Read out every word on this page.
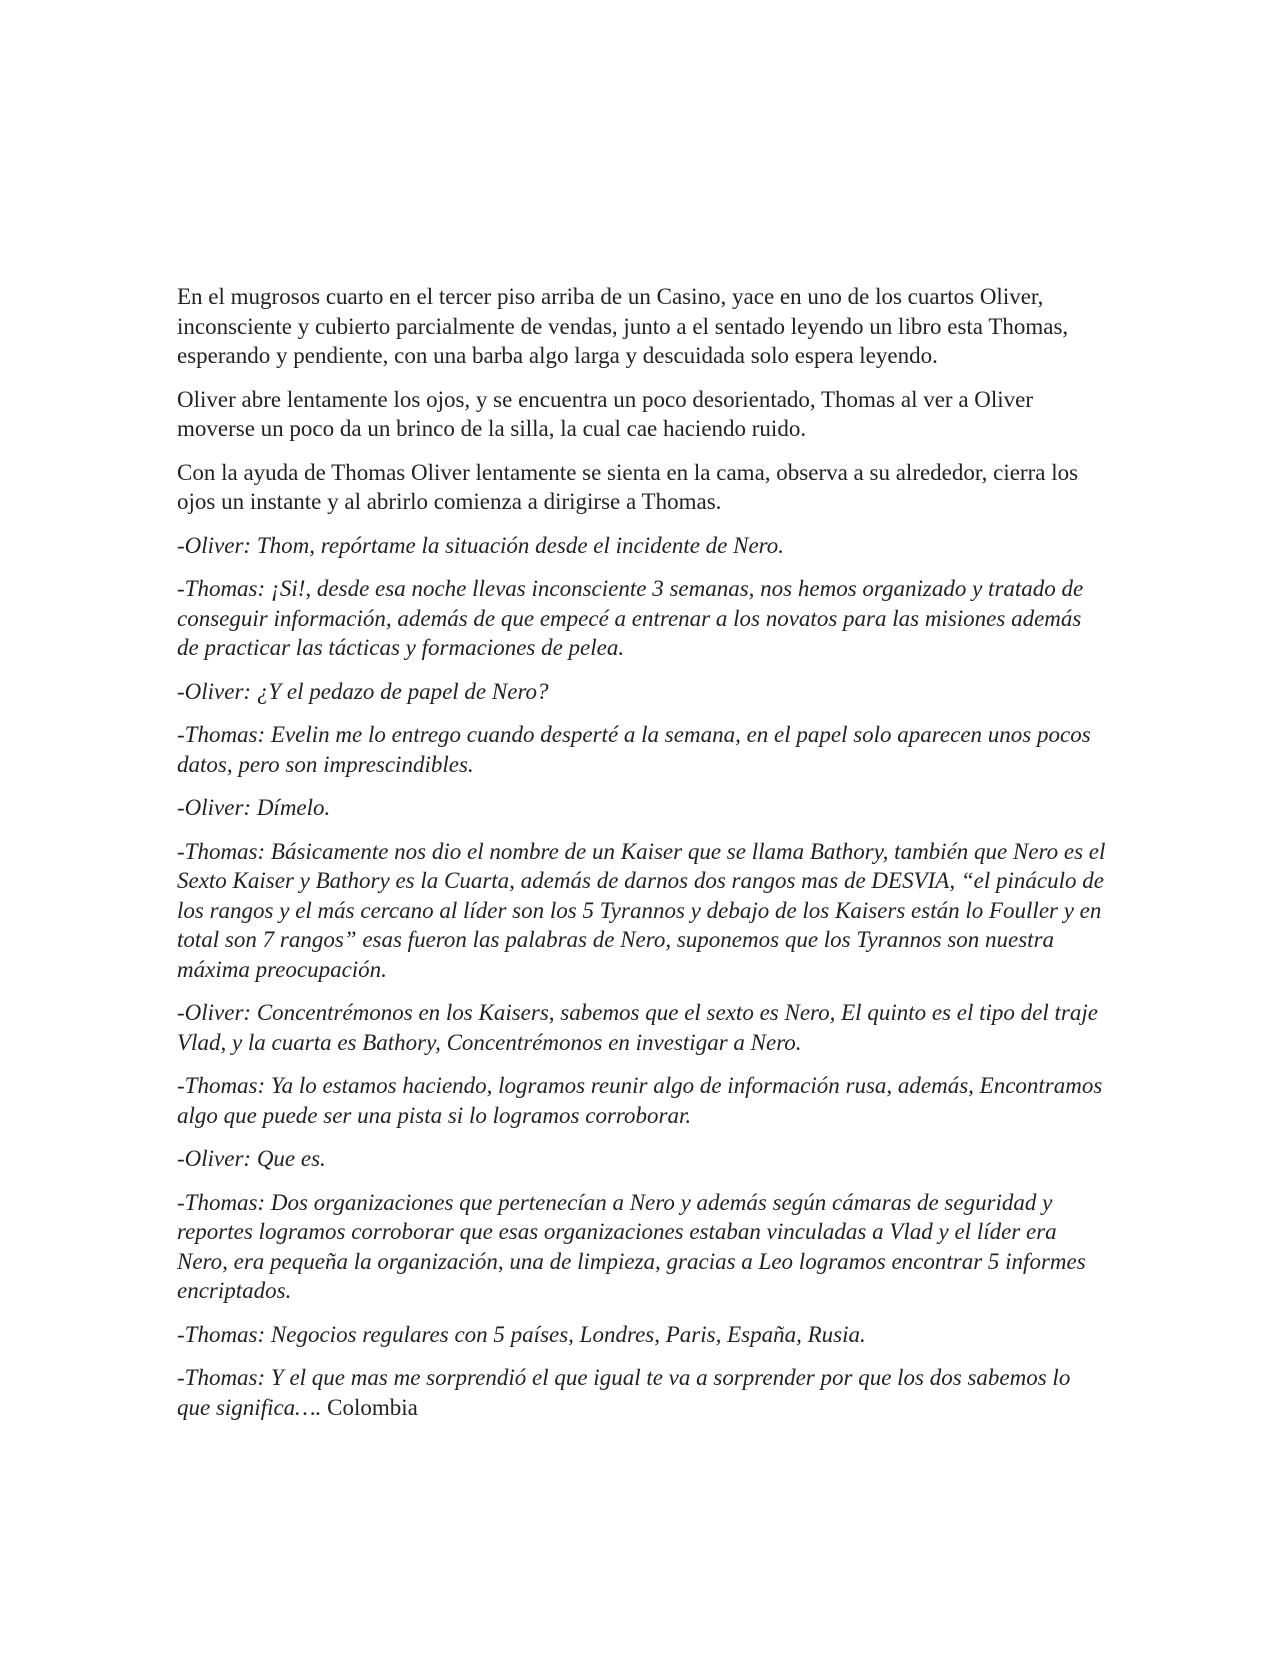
En el mugrosos cuarto en el tercer piso arriba de un Casino, yace en uno de los cuartos Oliver, inconsciente y cubierto parcialmente de vendas, junto a el sentado leyendo un libro esta Thomas, esperando y pendiente, con una barba algo larga y descuidada solo espera leyendo.

Oliver abre lentamente los ojos, y se encuentra un poco desorientado, Thomas al ver a Oliver moverse un poco da un brinco de la silla, la cual cae haciendo ruido.

Con la ayuda de Thomas Oliver lentamente se sienta en la cama, observa a su alrededor, cierra los ojos un instante y al abrirlo comienza a dirigirse a Thomas.

-Oliver: Thom, repórtame la situación desde el incidente de Nero.

-Thomas: ¡Si!, desde esa noche llevas inconsciente 3 semanas, nos hemos organizado y tratado de conseguir información, además de que empecé a entrenar a los novatos para las misiones además de practicar las tácticas y formaciones de pelea.

-Oliver: ¿Y el pedazo de papel de Nero?

-Thomas: Evelin me lo entrego cuando desperté a la semana, en el papel solo aparecen unos pocos datos, pero son imprescindibles.

-Oliver: Dímelo.

-Thomas: Básicamente nos dio el nombre de un Kaiser que se llama Bathory, también que Nero es el Sexto Kaiser y Bathory es la Cuarta, además de darnos dos rangos mas de DESVIA, “el pináculo de los rangos y el más cercano al líder son los 5 Tyrannos y debajo de los Kaisers están lo Fouller y en total son 7 rangos” esas fueron las palabras de Nero, suponemos que los Tyrannos son nuestra máxima preocupación.

-Oliver: Concentrémonos en los Kaisers, sabemos que el sexto es Nero, El quinto es el tipo del traje Vlad, y la cuarta es Bathory, Concentrémonos en investigar a Nero.

-Thomas: Ya lo estamos haciendo, logramos reunir algo de información rusa, además, Encontramos algo que puede ser una pista si lo logramos corroborar.

-Oliver: Que es.

-Thomas: Dos organizaciones que pertenecían a Nero y además según cámaras de seguridad y reportes logramos corroborar que esas organizaciones estaban vinculadas a Vlad y el líder era Nero, era pequeña la organización, una de limpieza, gracias a Leo logramos encontrar 5 informes encriptados.

-Thomas: Negocios regulares con 5 países, Londres, Paris, España, Rusia.

-Thomas: Y el que mas me sorprendió el que igual te va a sorprender por que los dos sabemos lo que significa…. Colombia
